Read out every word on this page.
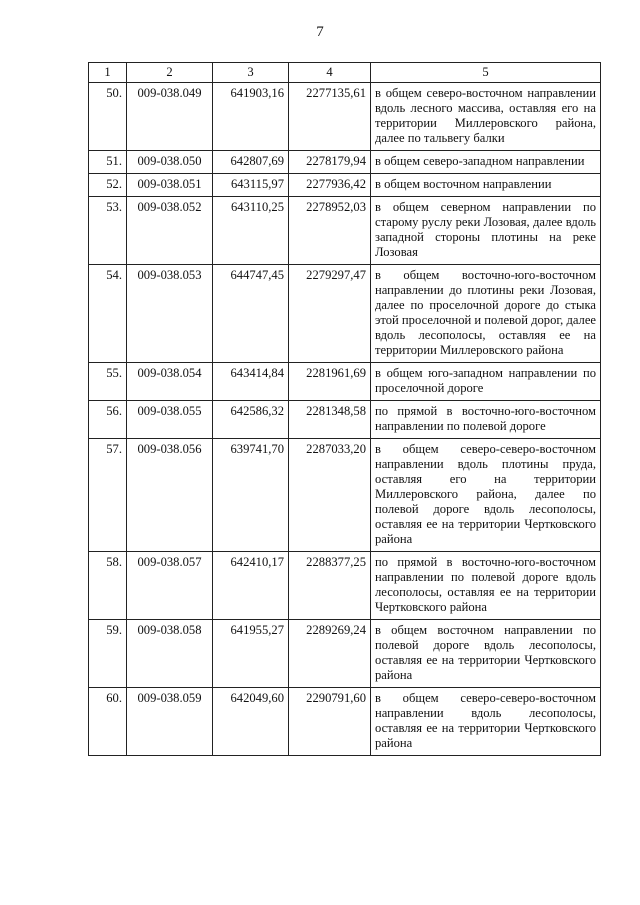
7
1	2	3	4	5
50.	009-038.049	641903,16	2277135,61	в общем северо-восточном направлении вдоль лесного массива, оставляя его на территории Миллеровского района, далее по тальвегу балки
51.	009-038.050	642807,69	2278179,94	в общем северо-западном направлении
52.	009-038.051	643115,97	2277936,42	в общем восточном направлении
53.	009-038.052	643110,25	2278952,03	в общем северном направлении по старому руслу реки Лозовая, далее вдоль западной стороны плотины на реке Лозовая
54.	009-038.053	644747,45	2279297,47	в общем восточно-юго-восточном направлении до плотины реки Лозовая, далее по проселочной дороге до стыка этой проселочной и полевой дорог, далее вдоль лесополосы, оставляя ее на территории Миллеровского района
55.	009-038.054	643414,84	2281961,69	в общем юго-западном направлении по проселочной дороге
56.	009-038.055	642586,32	2281348,58	по прямой в восточно-юго-восточном направлении по полевой дороге
57.	009-038.056	639741,70	2287033,20	в общем северо-северо-восточном направлении вдоль плотины пруда, оставляя его на территории Миллеровского района, далее по полевой дороге вдоль лесополосы, оставляя ее на территории Чертковского района
58.	009-038.057	642410,17	2288377,25	по прямой в восточно-юго-восточном направлении по полевой дороге вдоль лесополосы, оставляя ее на территории Чертковского района
59.	009-038.058	641955,27	2289269,24	в общем восточном направлении по полевой дороге вдоль лесополосы, оставляя ее на территории Чертковского района
60.	009-038.059	642049,60	2290791,60	в общем северо-северо-восточном направлении вдоль лесополосы, оставляя ее на территории Чертковского района
